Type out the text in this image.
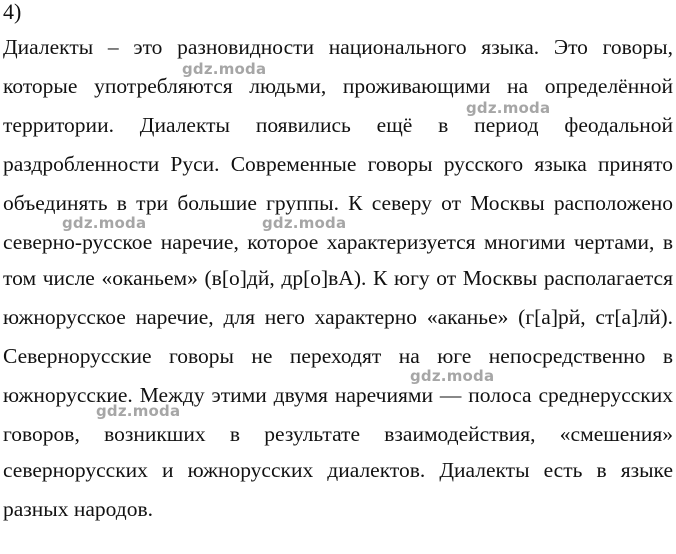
4)
Диалекты – это разновидности национального языка. Это говоры,
которые употребляются людьми, проживающими на определённой
территории. Диалекты появились ещё в период феодальной
раздробленности Руси. Современные говоры русского языка принято
объединять в три большие группы. К северу от Москвы расположено
северно-русское наречие, которое характеризуется многими чертами, в
том числе «оканьем» (в[о]дй, др[о]вА). К югу от Москвы располагается
южнорусское наречие, для него характерно «аканье» (г[а]рй, ст[а]лй).
Северноруcские говоры не переходят на юге непосредственно в
южнорусские. Между этими двумя наречиями — полоса среднерусских
говоров, возникших в результате взаимодействия, «смешения»
севернорусских и южнорусских диалектов. Диалекты есть в языке
разных народов.
gdz.moda
gdz.moda
gdz.moda	gdz.moda
gdz.moda
gdz.moda
